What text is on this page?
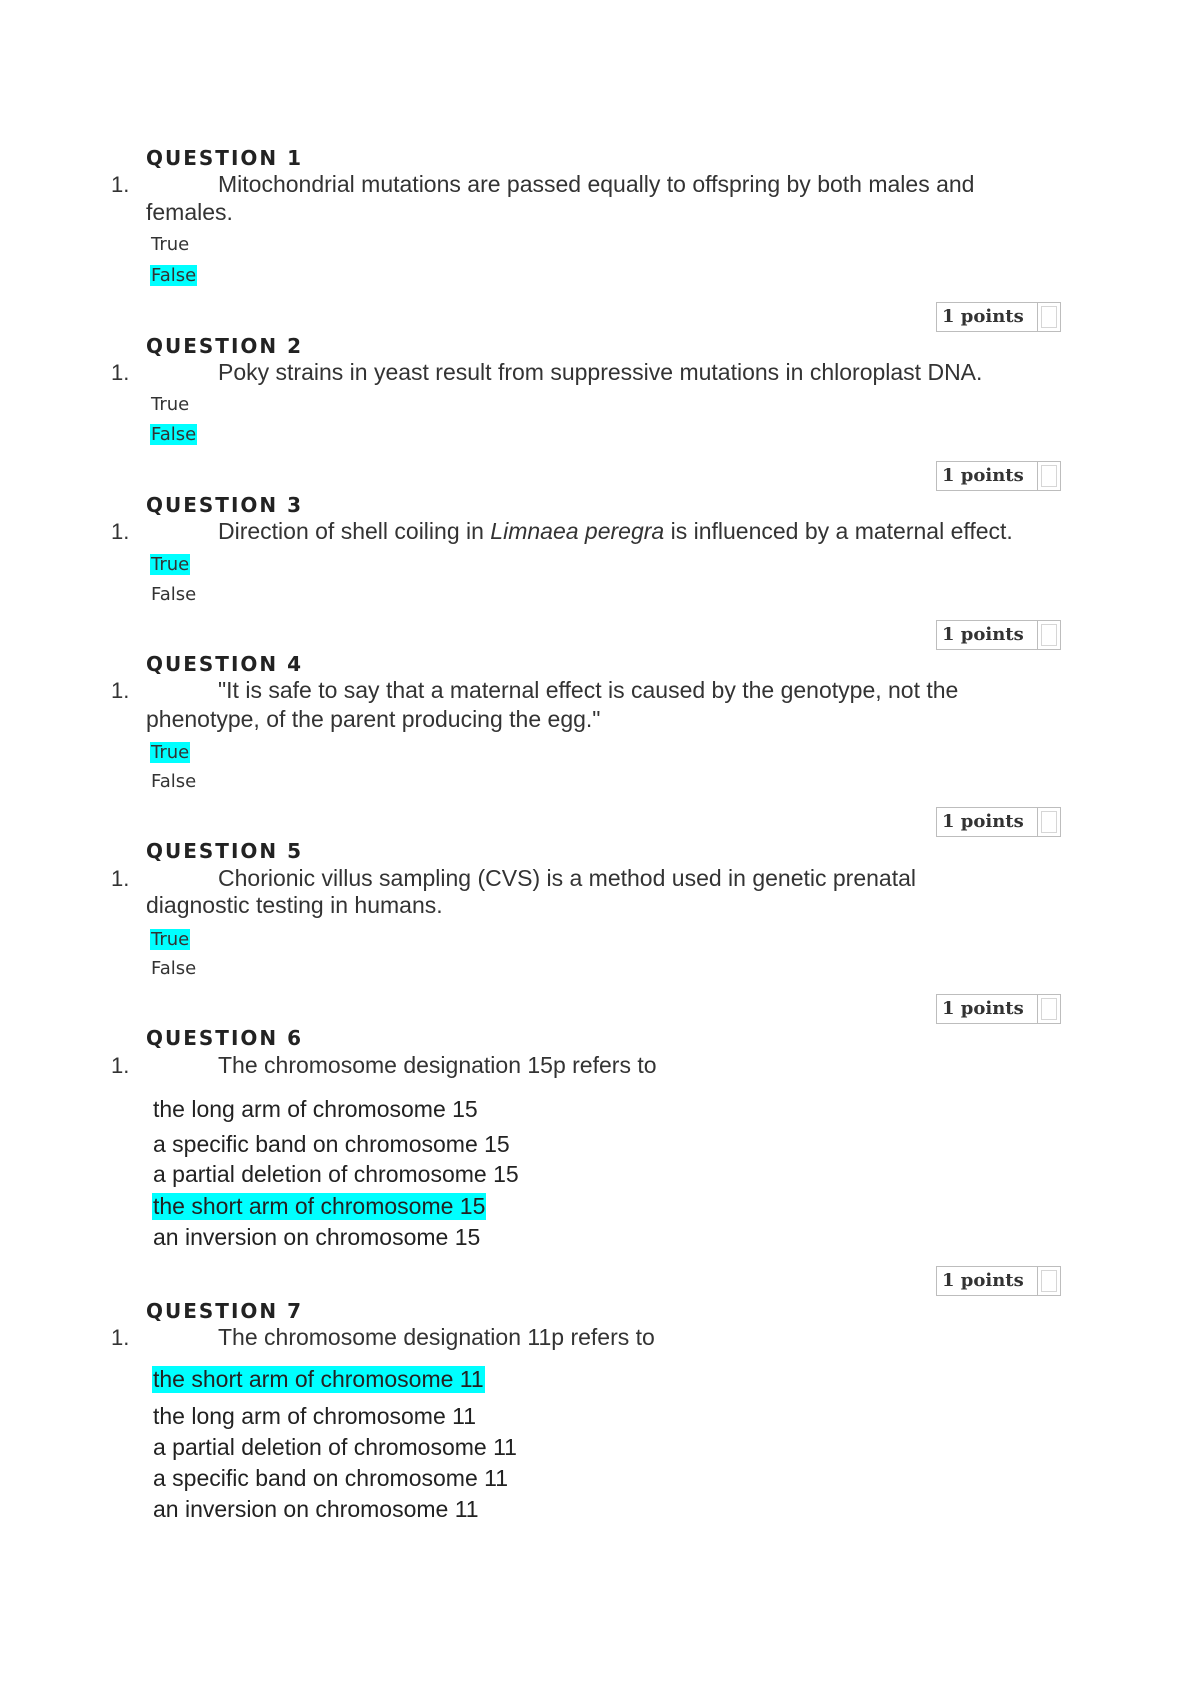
QUESTION 1
1.	Mitochondrial mutations are passed equally to offspring by both males and
females.
True
False
1 points
QUESTION 2
1.	Poky strains in yeast result from suppressive mutations in chloroplast DNA.
True
False
1 points
QUESTION 3
1.	Direction of shell coiling in Limnaea peregra is influenced by a maternal effect.
True
False
1 points
QUESTION 4
1.	"It is safe to say that a maternal effect is caused by the genotype, not the
phenotype, of the parent producing the egg."
True
False
1 points
QUESTION 5
1.	Chorionic villus sampling (CVS) is a method used in genetic prenatal
diagnostic testing in humans.
True
False
1 points
QUESTION 6
1.	The chromosome designation 15p refers to
the long arm of chromosome 15
a specific band on chromosome 15
a partial deletion of chromosome 15
the short arm of chromosome 15
an inversion on chromosome 15
1 points
QUESTION 7
1.	The chromosome designation 11p refers to
the short arm of chromosome 11
the long arm of chromosome 11
a partial deletion of chromosome 11
a specific band on chromosome 11
an inversion on chromosome 11
